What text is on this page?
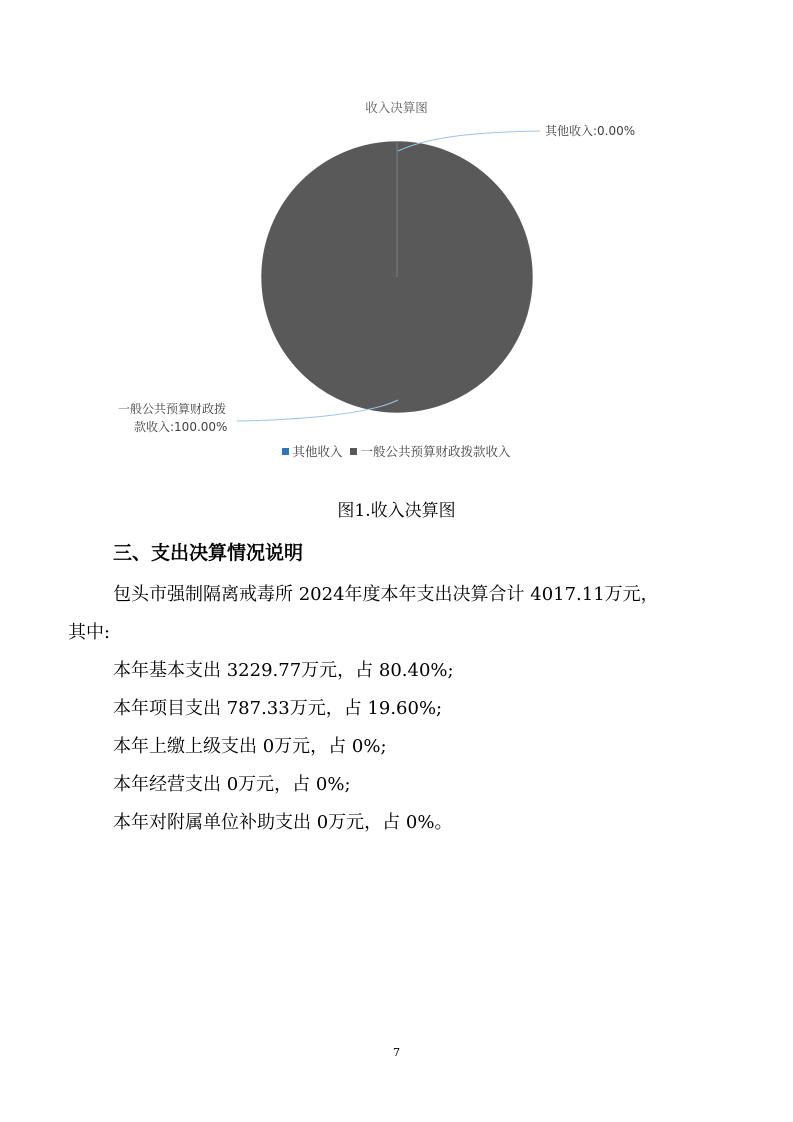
收入决算图
其他收入:0.00%
一般公共预算财政拨
款收入:100.00%
其他收入 一般公共预算财政拨款收入
图1.收入决算图
三、支出决算情况说明
包头市强制隔离戒毒所 2024年度本年支出决算合计 4017.11万元，
其中:
本年基本支出 3229.77万元，占 80.40%;
本年项目支出 787.33万元，占 19.60%;
本年上缴上级支出 0万元，占 0%;
本年经营支出 0万元，占 0%;
本年对附属单位补助支出 0万元，占 0%。
7
